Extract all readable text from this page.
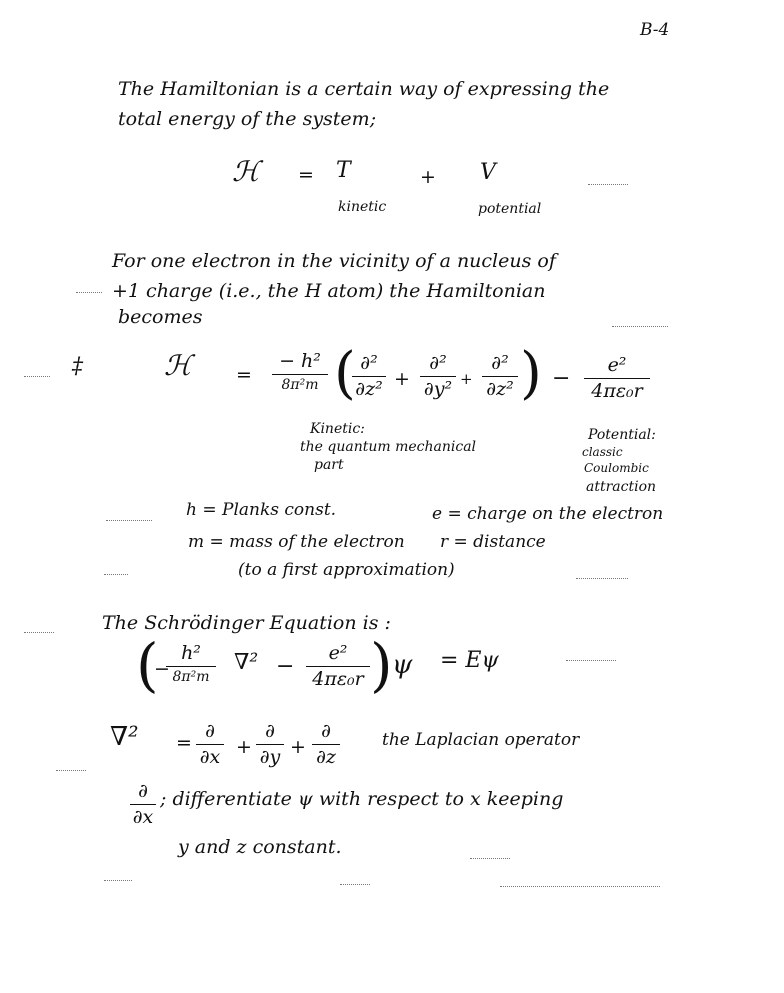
B-4
The Hamiltonian is a certain way of expressing the
total energy of the system;
ℋ = T	+ V
kinetic	potential
For one electron in the vicinity of a nucleus of
+1 charge (i.e., the H atom) the Hamiltonian
becomes
‡	ℋ =
− h²
8π²m ( ∂²
∂z² +
∂²
∂y² +
∂²
∂z² ) −
e²
4πε₀r
Kinetic:
the quantum mechanical
part
Potential:
classic
Coulombic
attraction
h = Planks const.	e = charge on the electron
m = mass of the electron r = distance
(to a first approximation)
The Schrödinger Equation is :
(
−
h²
8π²m
∇² −
e²
4πε₀r ) ψ = Eψ
∇² =
∂
∂x +
∂
∂y +
∂
∂z
the Laplacian operator
∂
∂x
; differentiate ψ with respect to x keeping
y and z constant.
